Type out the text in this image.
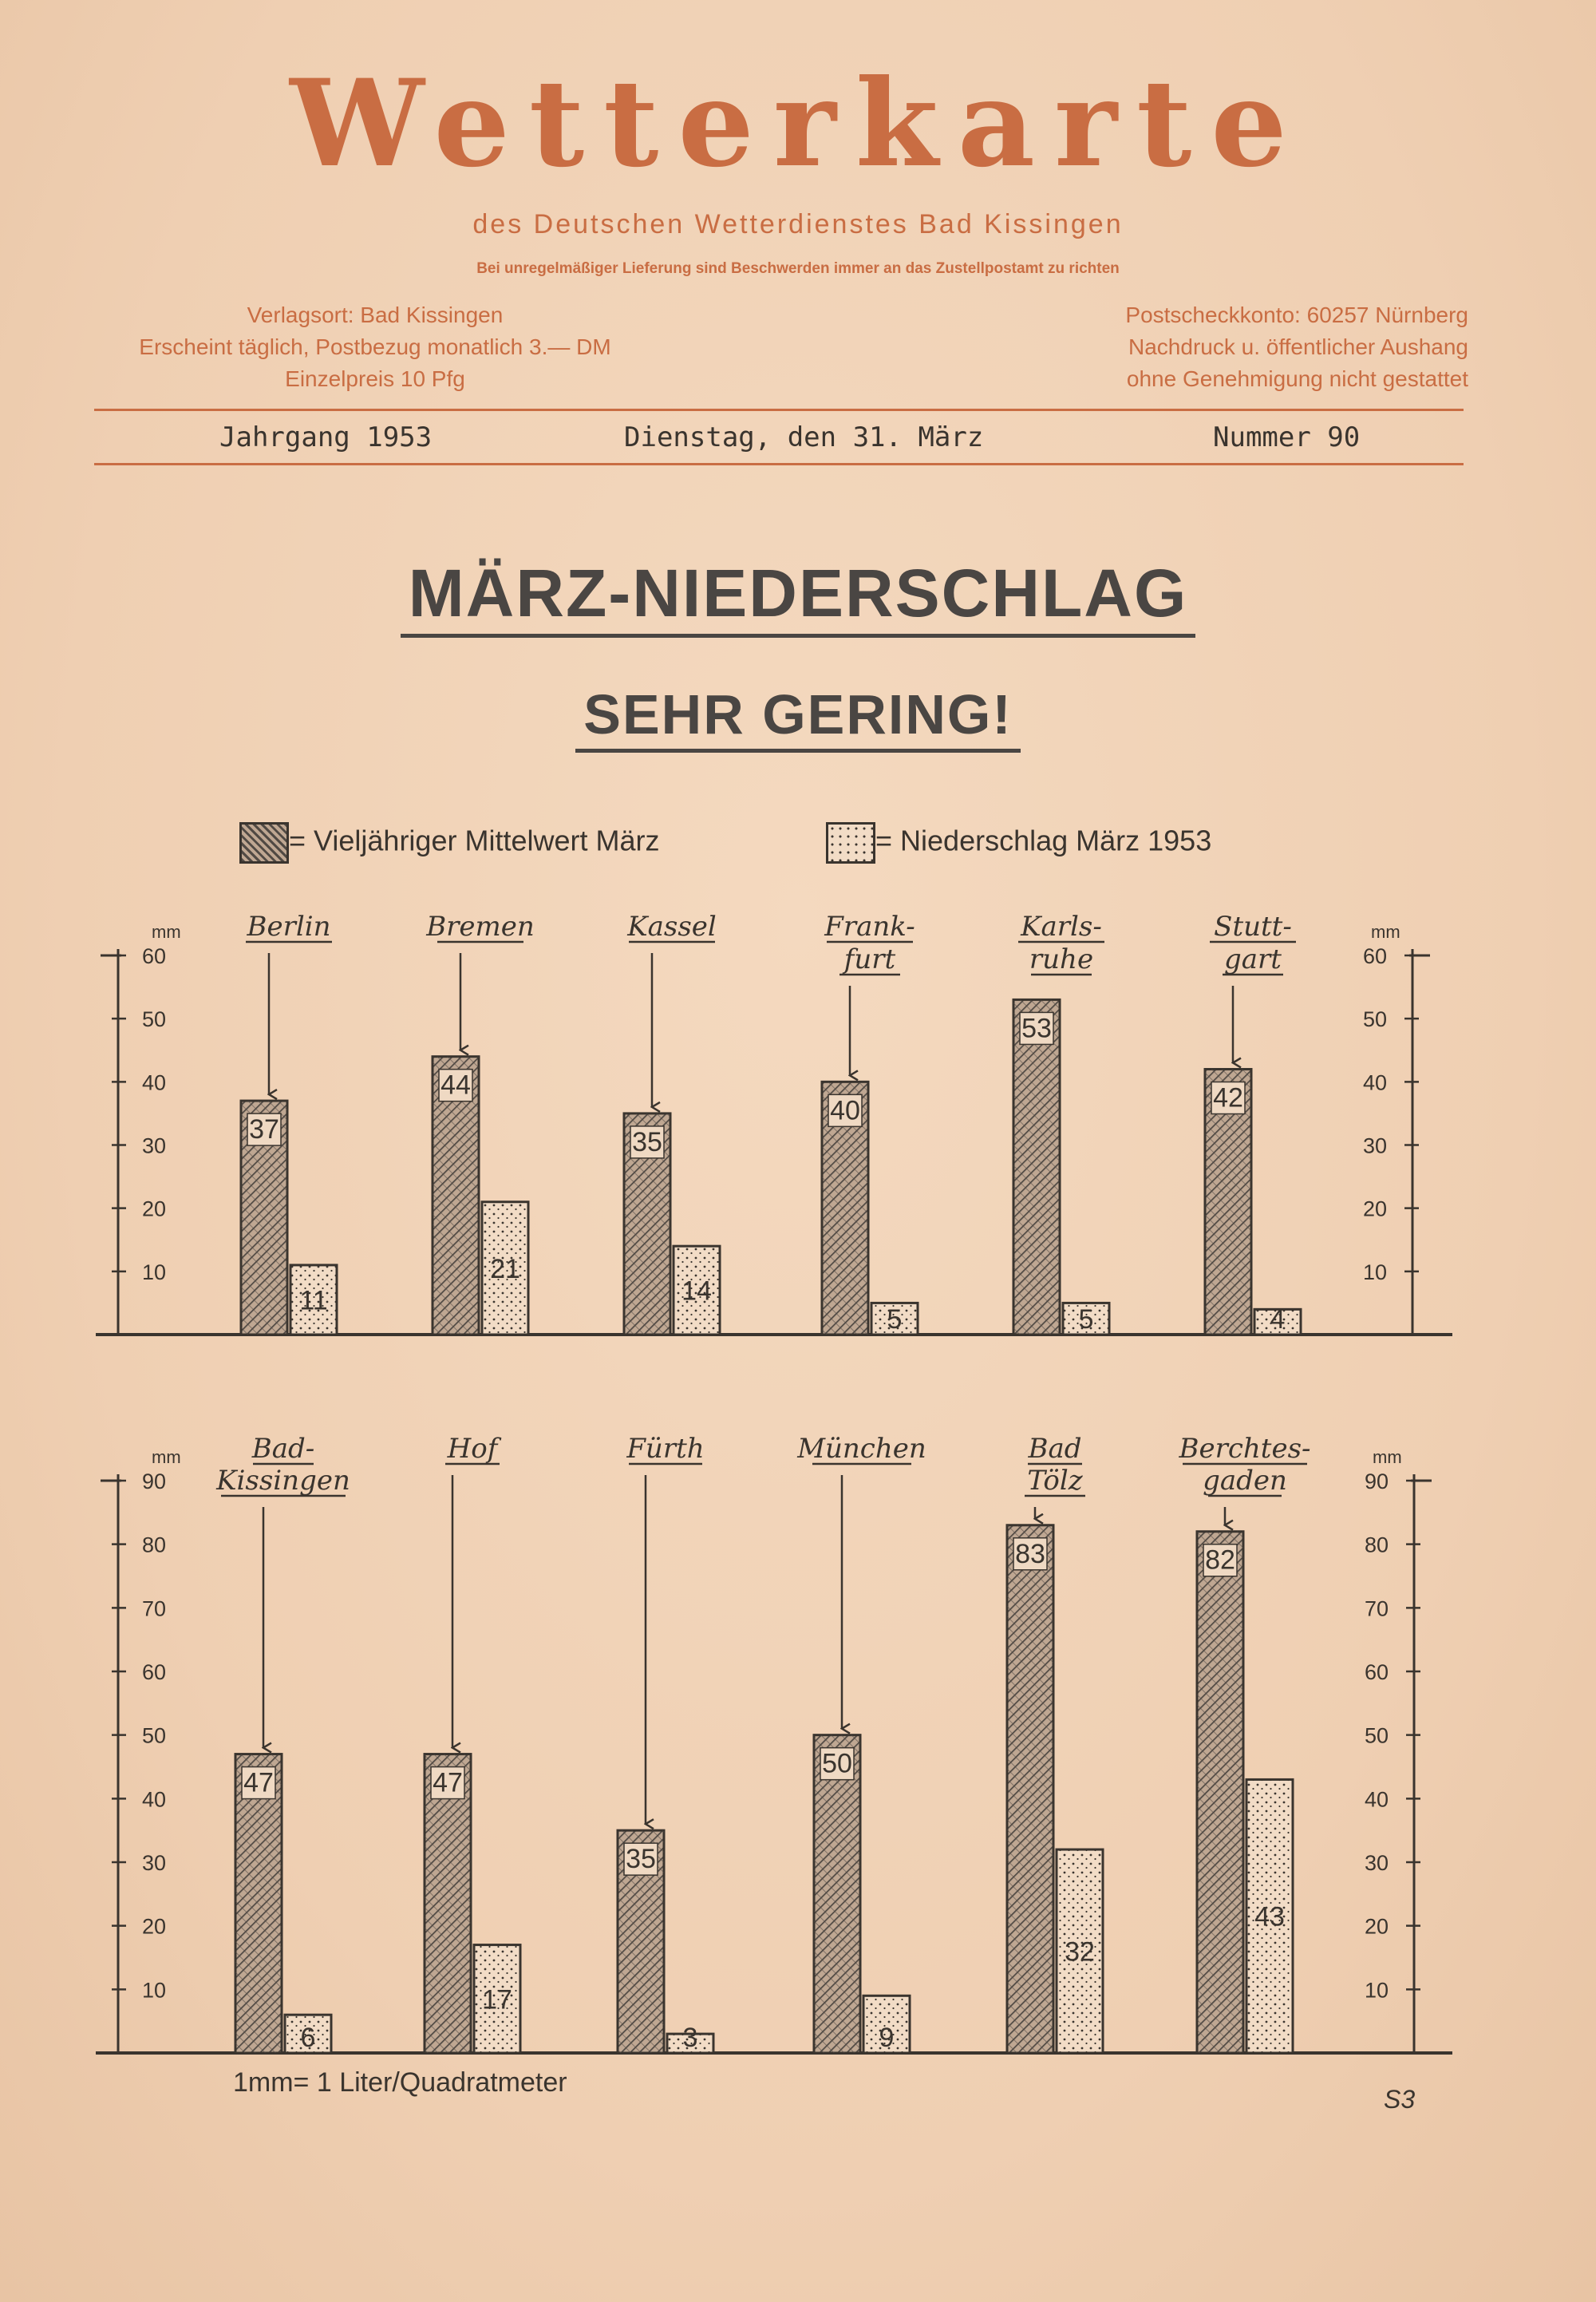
Wetterkarte
des Deutschen Wetterdienstes Bad Kissingen
Bei unregelmäßiger Lieferung sind Beschwerden immer an das Zustellpostamt zu richten
Verlagsort: Bad Kissingen
Erscheint täglich, Postbezug monatlich 3.— DM
Einzelpreis 10 Pfg
Postscheckkonto: 60257 Nürnberg
Nachdruck u. öffentlicher Aushang
ohne Genehmigung nicht gestattet
Jahrgang 1953	Dienstag, den 31. März	Nummer 90
MÄRZ-NIEDERSCHLAG
SEHR GERING!
= Vieljähriger Mittelwert März	= Niederschlag März 1953
mm	mm
10	10
20	20
30	30
40	40
50	50
60	60
Berlin
37
11
Bremen
44
21
Kassel
35
14
Frank-
furt
40
5
Karls-
ruhe
53
5
Stutt-
gart
42
4
mm	mm
10	10
20	20
30	30
40	40
50	50
60	60
70	70
80	80
90	90
Bad-
Kissingen
47
6
Hof
47
17
Fürth
35
3
München
50
9
Bad
Tölz
83
32
Berchtes-
gaden
82
43
1mm= 1 Liter/Quadratmeter
S3
